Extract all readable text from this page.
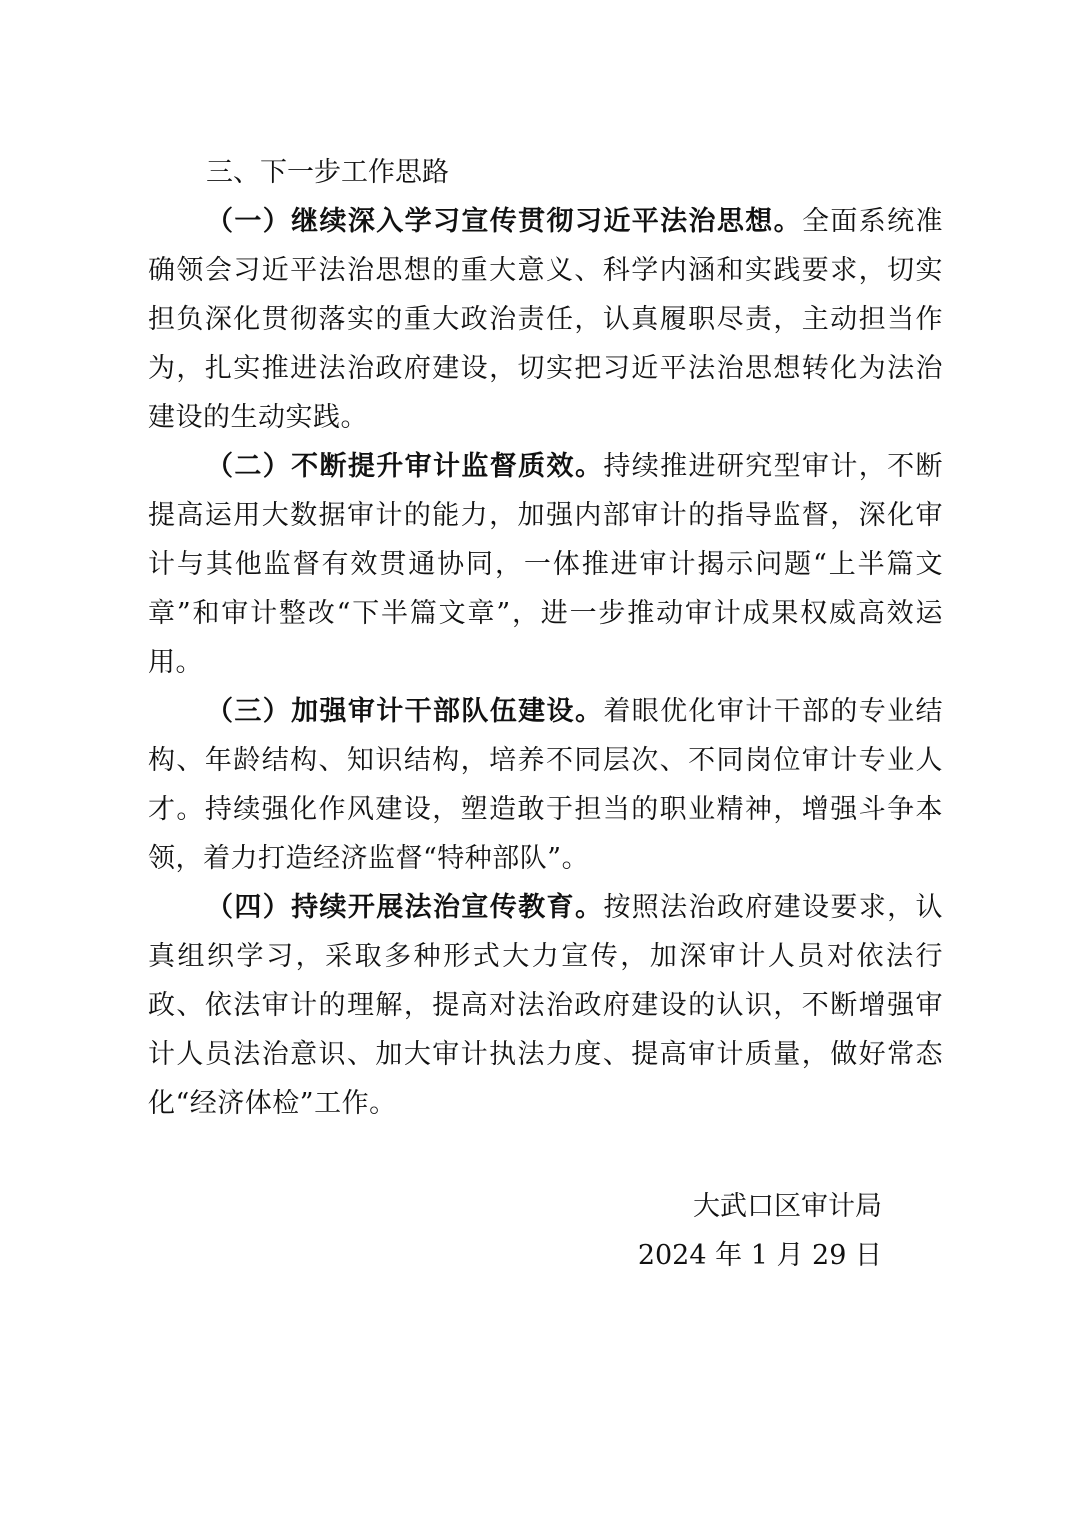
三、下一步工作思路

（一）继续深入学习宣传贯彻习近平法治思想。全面系统准确领会习近平法治思想的重大意义、科学内涵和实践要求，切实担负深化贯彻落实的重大政治责任，认真履职尽责，主动担当作为，扎实推进法治政府建设，切实把习近平法治思想转化为法治建设的生动实践。

（二）不断提升审计监督质效。持续推进研究型审计，不断提高运用大数据审计的能力，加强内部审计的指导监督，深化审计与其他监督有效贯通协同，一体推进审计揭示问题“上半篇文章”和审计整改“下半篇文章”，进一步推动审计成果权威高效运用。

（三）加强审计干部队伍建设。着眼优化审计干部的专业结构、年龄结构、知识结构，培养不同层次、不同岗位审计专业人才。持续强化作风建设，塑造敢于担当的职业精神，增强斗争本领，着力打造经济监督“特种部队”。

（四）持续开展法治宣传教育。按照法治政府建设要求，认真组织学习，采取多种形式大力宣传，加深审计人员对依法行政、依法审计的理解，提高对法治政府建设的认识，不断增强审计人员法治意识、加大审计执法力度、提高审计质量，做好常态化“经济体检”工作。

大武口区审计局
2024 年 1 月 29 日
